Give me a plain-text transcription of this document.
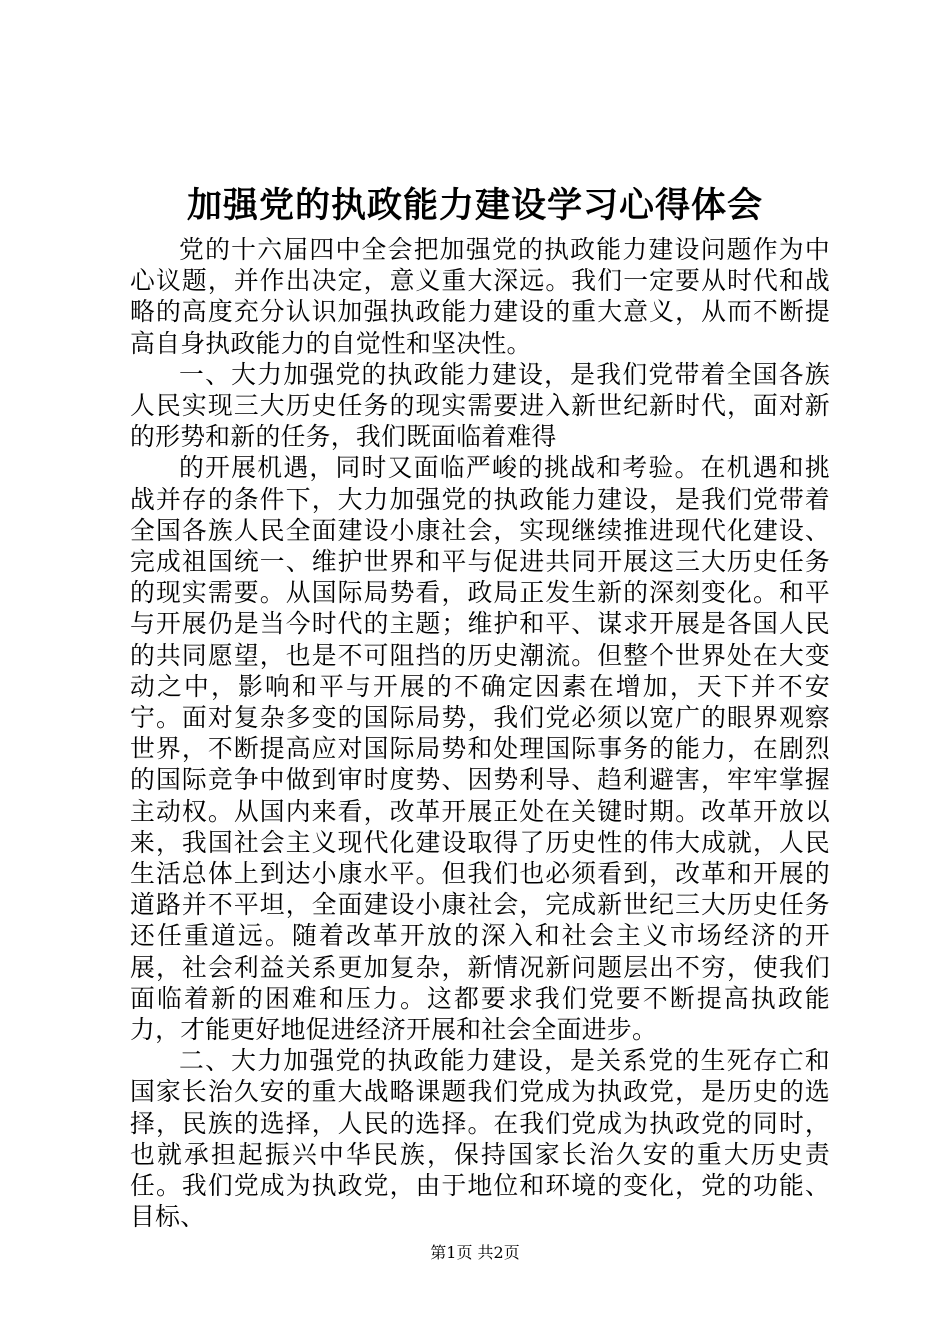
加强党的执政能力建设学习心得体会

党的十六届四中全会把加强党的执政能力建设问题作为中心议题，并作出决定，意义重大深远。我们一定要从时代和战略的高度充分认识加强执政能力建设的重大意义，从而不断提高自身执政能力的自觉性和坚决性。

一、大力加强党的执政能力建设，是我们党带着全国各族人民实现三大历史任务的现实需要进入新世纪新时代，面对新的形势和新的任务，我们既面临着难得

的开展机遇，同时又面临严峻的挑战和考验。在机遇和挑战并存的条件下，大力加强党的执政能力建设，是我们党带着全国各族人民全面建设小康社会，实现继续推进现代化建设、完成祖国统一、维护世界和平与促进共同开展这三大历史任务的现实需要。从国际局势看，政局正发生新的深刻变化。和平与开展仍是当今时代的主题；维护和平、谋求开展是各国人民的共同愿望，也是不可阻挡的历史潮流。但整个世界处在大变动之中，影响和平与开展的不确定因素在增加，天下并不安宁。面对复杂多变的国际局势，我们党必须以宽广的眼界观察世界，不断提高应对国际局势和处理国际事务的能力，在剧烈的国际竞争中做到审时度势、因势利导、趋利避害，牢牢掌握主动权。从国内来看，改革开展正处在关键时期。改革开放以来，我国社会主义现代化建设取得了历史性的伟大成就，人民生活总体上到达小康水平。但我们也必须看到，改革和开展的道路并不平坦，全面建设小康社会，完成新世纪三大历史任务还任重道远。随着改革开放的深入和社会主义市场经济的开展，社会利益关系更加复杂，新情况新问题层出不穷，使我们面临着新的困难和压力。这都要求我们党要不断提高执政能力，才能更好地促进经济开展和社会全面进步。

二、大力加强党的执政能力建设，是关系党的生死存亡和国家长治久安的重大战略课题我们党成为执政党，是历史的选择，民族的选择，人民的选择。在我们党成为执政党的同时，也就承担起振兴中华民族，保持国家长治久安的重大历史责任。我们党成为执政党，由于地位和环境的变化，党的功能、目标、

第1页 共2页
